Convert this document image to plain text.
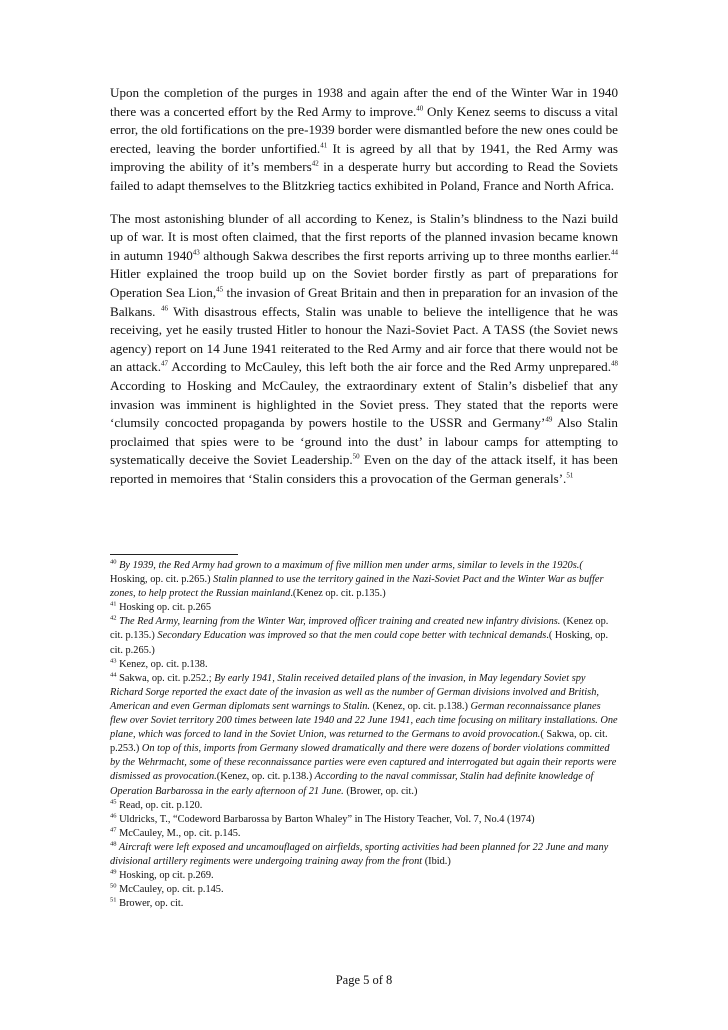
Upon the completion of the purges in 1938 and again after the end of the Winter War in 1940 there was a concerted effort by the Red Army to improve.$^{40}$ Only Kenez seems to discuss a vital error, the old fortifications on the pre-1939 border were dismantled before the new ones could be erected, leaving the border unfortified.$^{41}$ It is agreed by all that by 1941, the Red Army was improving the ability of it’s members$^{42}$ in a desperate hurry but according to Read the Soviets failed to adapt themselves to the Blitzkrieg tactics exhibited in Poland, France and North Africa.

The most astonishing blunder of all according to Kenez, is Stalin’s blindness to the Nazi build up of war. It is most often claimed, that the first reports of the planned invasion became known in autumn 1940$^{43}$ although Sakwa describes the first reports arriving up to three months earlier.$^{44}$ Hitler explained the troop build up on the Soviet border firstly as part of preparations for Operation Sea Lion,$^{45}$ the invasion of Great Britain and then in preparation for an invasion of the Balkans. $^{46}$ With disastrous effects, Stalin was unable to believe the intelligence that he was receiving, yet he easily trusted Hitler to honour the Nazi-Soviet Pact. A TASS (the Soviet news agency) report on 14 June 1941 reiterated to the Red Army and air force that there would not be an attack.$^{47}$ According to McCauley, this left both the air force and the Red Army unprepared.$^{48}$ According to Hosking and McCauley, the extraordinary extent of Stalin’s disbelief that any invasion was imminent is highlighted in the Soviet press. They stated that the reports were ‘clumsily concocted propaganda by powers hostile to the USSR and Germany’$^{49}$ Also Stalin proclaimed that spies were to be ‘ground into the dust’ in labour camps for attempting to systematically deceive the Soviet Leadership.$^{50}$ Even on the day of the attack itself, it has been reported in memoires that ‘Stalin considers this a provocation of the German generals’.$^{51}$

$^{40}$ By 1939, the Red Army had grown to a maximum of five million men under arms, similar to levels in the 1920s.( Hosking, op. cit. p.265.) Stalin planned to use the territory gained in the Nazi-Soviet Pact and the Winter War as buffer zones, to help protect the Russian mainland.(Kenez op. cit. p.135.)

$^{41}$ Hosking op. cit. p.265

$^{42}$ The Red Army, learning from the Winter War, improved officer training and created new infantry divisions. (Kenez op. cit. p.135.) Secondary Education was improved so that the men could cope better with technical demands.( Hosking, op. cit. p.265.)

$^{43}$ Kenez, op. cit. p.138.

$^{44}$ Sakwa, op. cit. p.252.; By early 1941, Stalin received detailed plans of the invasion, in May legendary Soviet spy Richard Sorge reported the exact date of the invasion as well as the number of German divisions involved and British, American and even German diplomats sent warnings to Stalin. (Kenez, op. cit. p.138.) German reconnaissance planes flew over Soviet territory 200 times between late 1940 and 22 June 1941, each time focusing on military installations. One plane, which was forced to land in the Soviet Union, was returned to the Germans to avoid provocation.( Sakwa, op. cit. p.253.) On top of this, imports from Germany slowed dramatically and there were dozens of border violations committed by the Wehrmacht, some of these reconnaissance parties were even captured and interrogated but again their reports were dismissed as provocation.(Kenez, op. cit. p.138.) According to the naval commissar, Stalin had definite knowledge of Operation Barbarossa in the early afternoon of 21 June. (Brower, op. cit.)

$^{45}$ Read, op. cit. p.120.

$^{46}$ Uldricks, T., “Codeword Barbarossa by Barton Whaley” in The History Teacher, Vol. 7, No.4 (1974)

$^{47}$ McCauley, M., op. cit. p.145.

$^{48}$ Aircraft were left exposed and uncamouflaged on airfields, sporting activities had been planned for 22 June and many divisional artillery regiments were undergoing training away from the front (Ibid.)

$^{49}$ Hosking, op cit. p.269.

$^{50}$ McCauley, op. cit. p.145.

$^{51}$ Brower, op. cit.

Page 5 of 8
